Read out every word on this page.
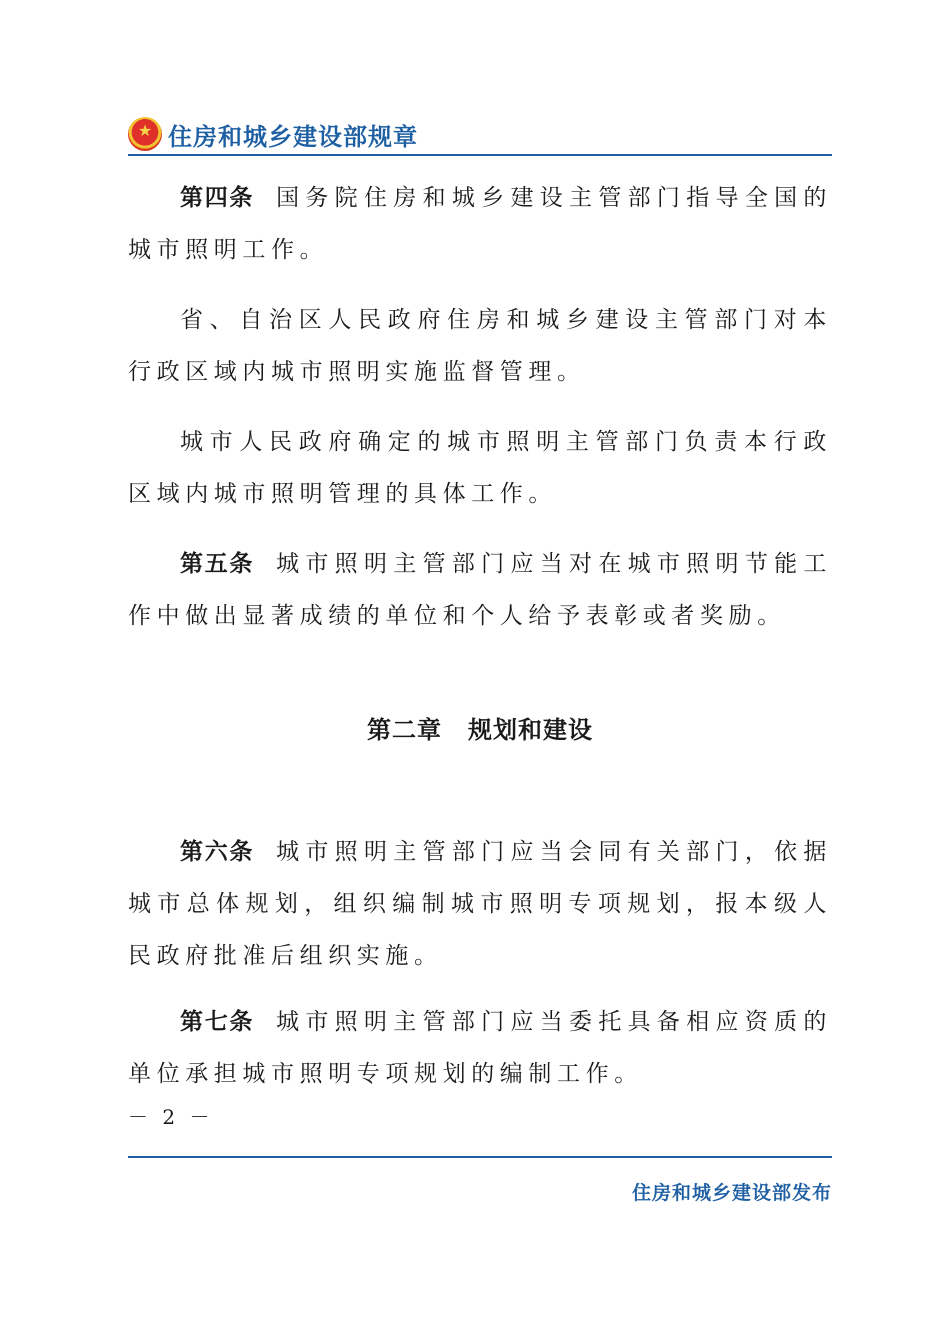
★ 住房和城乡建设部规章

第四条 国务院住房和城乡建设主管部门指导全国的城市照明工作。

省、自治区人民政府住房和城乡建设主管部门对本行政区域内城市照明实施监督管理。

城市人民政府确定的城市照明主管部门负责本行政区域内城市照明管理的具体工作。

第五条 城市照明主管部门应当对在城市照明节能工作中做出显著成绩的单位和个人给予表彰或者奖励。

第二章 规划和建设

第六条 城市照明主管部门应当会同有关部门，依据城市总体规划，组织编制城市照明专项规划，报本级人民政府批准后组织实施。

第七条 城市照明主管部门应当委托具备相应资质的单位承担城市照明专项规划的编制工作。

－ 2 －
住房和城乡建设部发布
